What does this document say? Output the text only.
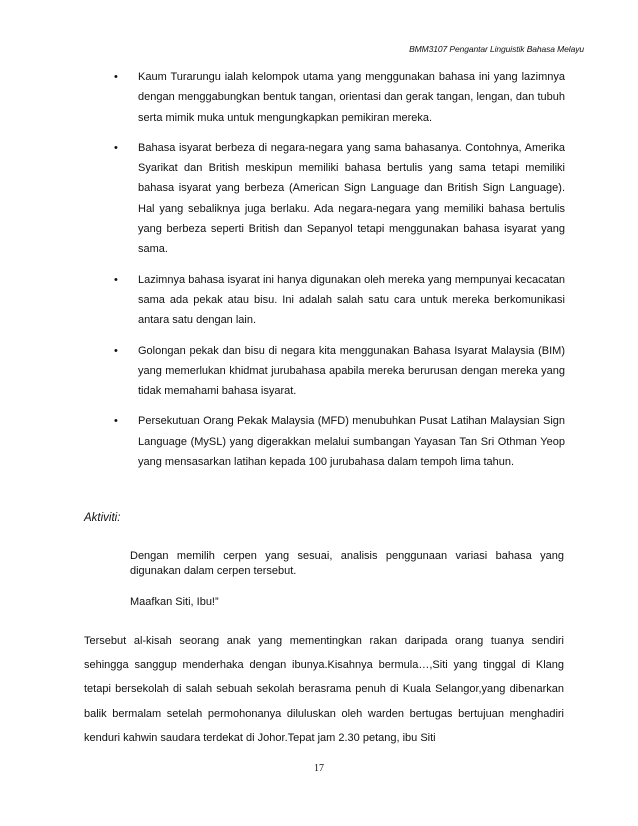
BMM3107 Pengantar Linguistik Bahasa Melayu
• Kaum Turarungu ialah kelompok utama yang menggunakan bahasa ini yang lazimnya dengan menggabungkan bentuk tangan, orientasi dan gerak tangan, lengan, dan tubuh serta mimik muka untuk mengungkapkan pemikiran mereka.
• Bahasa isyarat berbeza di negara-negara yang sama bahasanya. Contohnya, Amerika Syarikat dan British meskipun memiliki bahasa bertulis yang sama tetapi memiliki bahasa isyarat yang berbeza (American Sign Language dan British Sign Language). Hal yang sebaliknya juga berlaku. Ada negara-negara yang memiliki bahasa bertulis yang berbeza seperti British dan Sepanyol tetapi menggunakan bahasa isyarat yang sama.
• Lazimnya bahasa isyarat ini hanya digunakan oleh mereka yang mempunyai kecacatan sama ada pekak atau bisu. Ini adalah salah satu cara untuk mereka berkomunikasi antara satu dengan lain.
• Golongan pekak dan bisu di negara kita menggunakan Bahasa Isyarat Malaysia (BIM) yang memerlukan khidmat jurubahasa apabila mereka berurusan dengan mereka yang tidak memahami bahasa isyarat.
• Persekutuan Orang Pekak Malaysia (MFD) menubuhkan Pusat Latihan Malaysian Sign Language (MySL) yang digerakkan melalui sumbangan Yayasan Tan Sri Othman Yeop yang mensasarkan latihan kepada 100 jurubahasa dalam tempoh lima tahun.
Aktiviti:

Dengan memilih cerpen yang sesuai, analisis penggunaan variasi bahasa yang digunakan dalam cerpen tersebut.

Maafkan Siti, Ibu!”

Tersebut al-kisah seorang anak yang mementingkan rakan daripada orang tuanya sendiri sehingga sanggup menderhaka dengan ibunya.Kisahnya bermula…,Siti yang tinggal di Klang tetapi bersekolah di salah sebuah sekolah berasrama penuh di Kuala Selangor,yang dibenarkan balik bermalam setelah permohonanya diluluskan oleh warden bertugas bertujuan menghadiri kenduri kahwin saudara terdekat di Johor.Tepat jam 2.30 petang, ibu Siti

17
